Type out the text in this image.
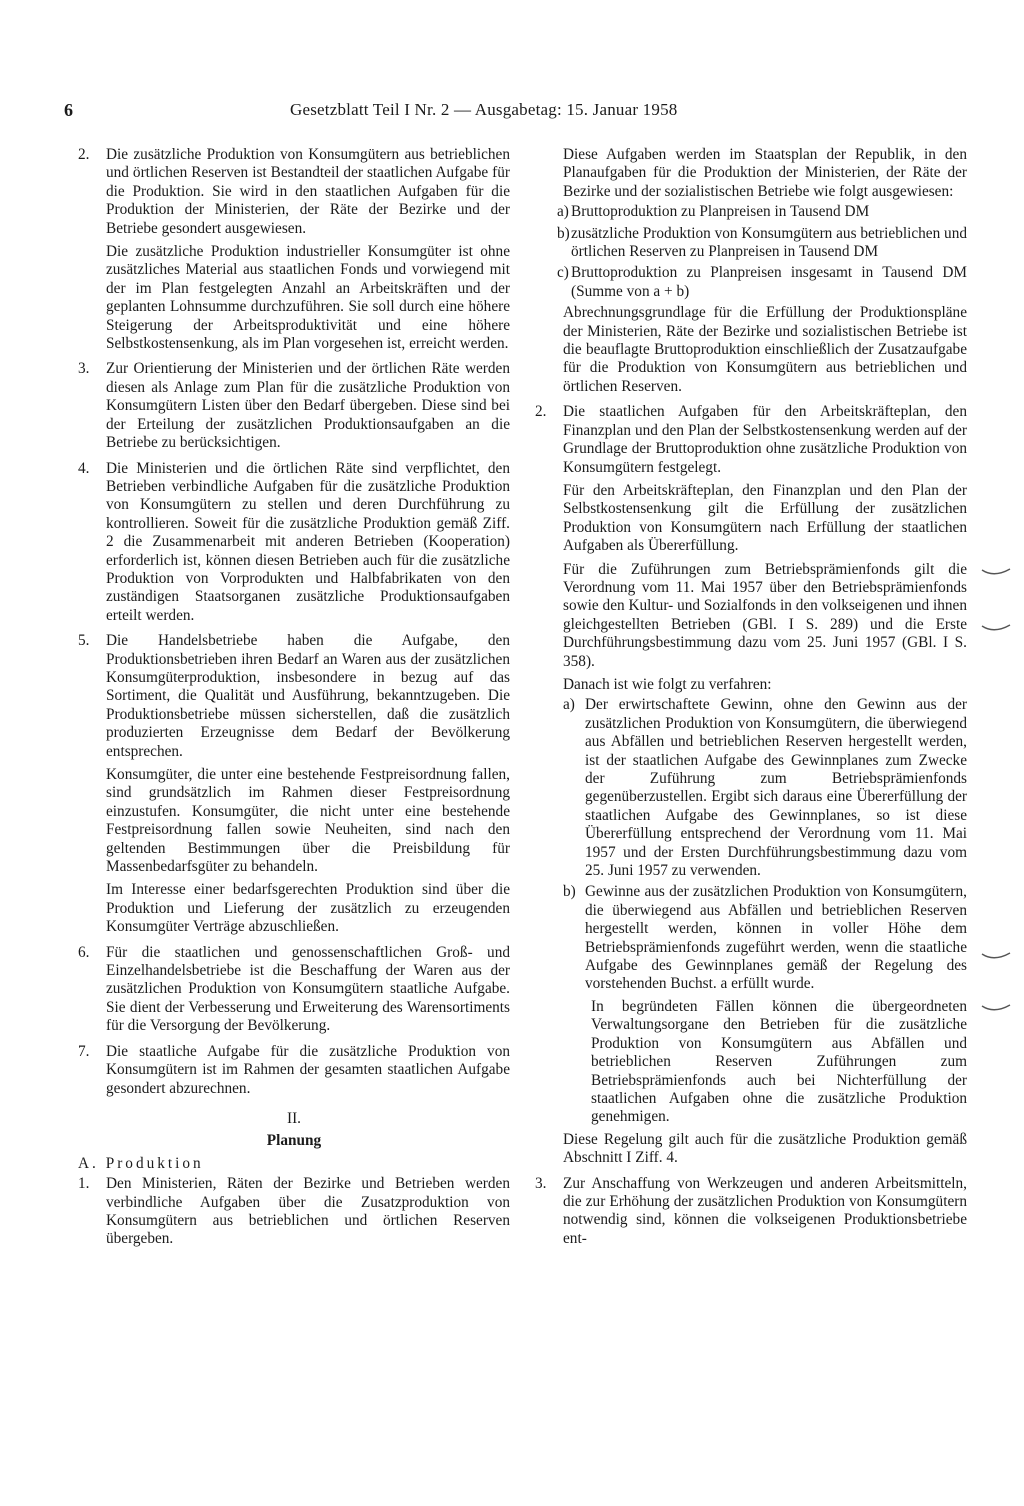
6	Gesetzblatt Teil I Nr. 2 — Ausgabetag: 15. Januar 1958
2. Die zusätzliche Produktion von Konsumgütern aus betrieblichen und örtlichen Reserven ist Bestandteil der staatlichen Aufgabe für die Produktion. Sie wird in den staatlichen Aufgaben für die Produktion der Ministerien, der Räte der Bezirke und der Betriebe gesondert ausgewiesen.

Die zusätzliche Produktion industrieller Konsumgüter ist ohne zusätzliches Material aus staatlichen Fonds und vorwiegend mit der im Plan festgelegten Anzahl an Arbeitskräften und der geplanten Lohnsumme durchzuführen. Sie soll durch eine höhere Steigerung der Arbeitsproduktivität und eine höhere Selbstkostensenkung, als im Plan vorgesehen ist, erreicht werden.

3. Zur Orientierung der Ministerien und der örtlichen Räte werden diesen als Anlage zum Plan für die zusätzliche Produktion von Konsumgütern Listen über den Bedarf übergeben. Diese sind bei der Erteilung der zusätzlichen Produktionsaufgaben an die Betriebe zu berücksichtigen.

4. Die Ministerien und die örtlichen Räte sind verpflichtet, den Betrieben verbindliche Aufgaben für die zusätzliche Produktion von Konsumgütern zu stellen und deren Durchführung zu kontrollieren. Soweit für die zusätzliche Produktion gemäß Ziff. 2 die Zusammenarbeit mit anderen Betrieben (Kooperation) erforderlich ist, können diesen Betrieben auch für die zusätzliche Produktion von Vorprodukten und Halbfabrikaten von den zuständigen Staatsorganen zusätzliche Produktionsaufgaben erteilt werden.

5. Die Handelsbetriebe haben die Aufgabe, den Produktionsbetrieben ihren Bedarf an Waren aus der zusätzlichen Konsumgüterproduktion, insbesondere in bezug auf das Sortiment, die Qualität und Ausführung, bekanntzugeben. Die Produktionsbetriebe müssen sicherstellen, daß die zusätzlich produzierten Erzeugnisse dem Bedarf der Bevölkerung entsprechen.

Konsumgüter, die unter eine bestehende Festpreisordnung fallen, sind grundsätzlich im Rahmen dieser Festpreisordnung einzustufen. Konsumgüter, die nicht unter eine bestehende Festpreisordnung fallen sowie Neuheiten, sind nach den geltenden Bestimmungen über die Preisbildung für Massenbedarfsgüter zu behandeln.

Im Interesse einer bedarfsgerechten Produktion sind über die Produktion und Lieferung der zusätzlich zu erzeugenden Konsumgüter Verträge abzuschließen.

6. Für die staatlichen und genossenschaftlichen Groß- und Einzelhandelsbetriebe ist die Beschaffung der Waren aus der zusätzlichen Produktion von Konsumgütern staatliche Aufgabe. Sie dient der Verbesserung und Erweiterung des Warensortiments für die Versorgung der Bevölkerung.

7. Die staatliche Aufgabe für die zusätzliche Produktion von Konsumgütern ist im Rahmen der gesamten staatlichen Aufgabe gesondert abzurechnen.

II.
Planung
A. Produktion
1. Den Ministerien, Räten der Bezirke und Betrieben werden verbindliche Aufgaben über die Zusatzproduktion von Konsumgütern aus betrieblichen und örtlichen Reserven übergeben.

Diese Aufgaben werden im Staatsplan der Republik, in den Planaufgaben für die Produktion der Ministerien, der Räte der Bezirke und der sozialistischen Betriebe wie folgt ausgewiesen:

a) Bruttoproduktion zu Planpreisen in Tausend DM
b) zusätzliche Produktion von Konsumgütern aus betrieblichen und örtlichen Reserven zu Planpreisen in Tausend DM
c) Bruttoproduktion zu Planpreisen insgesamt in Tausend DM (Summe von a + b)

Abrechnungsgrundlage für die Erfüllung der Produktionspläne der Ministerien, Räte der Bezirke und sozialistischen Betriebe ist die beauflagte Bruttoproduktion einschließlich der Zusatzaufgabe für die Produktion von Konsumgütern aus betrieblichen und örtlichen Reserven.

2. Die staatlichen Aufgaben für den Arbeitskräfteplan, den Finanzplan und den Plan der Selbstkostensenkung werden auf der Grundlage der Bruttoproduktion ohne zusätzliche Produktion von Konsumgütern festgelegt.

Für den Arbeitskräfteplan, den Finanzplan und den Plan der Selbstkostensenkung gilt die Erfüllung der zusätzlichen Produktion von Konsumgütern nach Erfüllung der staatlichen Aufgaben als Übererfüllung.

Für die Zuführungen zum Betriebsprämienfonds gilt die Verordnung vom 11. Mai 1957 über den Betriebsprämienfonds sowie den Kultur- und Sozialfonds in den volkseigenen und ihnen gleichgestellten Betrieben (GBl. I S. 289) und die Erste Durchführungsbestimmung dazu vom 25. Juni 1957 (GBl. I S. 358).

Danach ist wie folgt zu verfahren:

a) Der erwirtschaftete Gewinn, ohne den Gewinn aus der zusätzlichen Produktion von Konsumgütern, die überwiegend aus Abfällen und betrieblichen Reserven hergestellt werden, ist der staatlichen Aufgabe des Gewinnplanes zum Zwecke der Zuführung zum Betriebsprämienfonds gegenüberzustellen. Ergibt sich daraus eine Übererfüllung der staatlichen Aufgabe des Gewinnplanes, so ist diese Übererfüllung entsprechend der Verordnung vom 11. Mai 1957 und der Ersten Durchführungsbestimmung dazu vom 25. Juni 1957 zu verwenden.
b) Gewinne aus der zusätzlichen Produktion von Konsumgütern, die überwiegend aus Abfällen und betrieblichen Reserven hergestellt werden, können in voller Höhe dem Betriebsprämienfonds zugeführt werden, wenn die staatliche Aufgabe des Gewinnplanes gemäß der Regelung des vorstehenden Buchst. a erfüllt wurde.

In begründeten Fällen können die übergeordneten Verwaltungsorgane den Betrieben für die zusätzliche Produktion von Konsumgütern aus Abfällen und betrieblichen Reserven Zuführungen zum Betriebsprämienfonds auch bei Nichterfüllung der staatlichen Aufgaben ohne die zusätzliche Produktion genehmigen.

Diese Regelung gilt auch für die zusätzliche Produktion gemäß Abschnitt I Ziff. 4.

3. Zur Anschaffung von Werkzeugen und anderen Arbeitsmitteln, die zur Erhöhung der zusätzlichen Produktion von Konsumgütern notwendig sind, können die volkseigenen Produktionsbetriebe ent-
